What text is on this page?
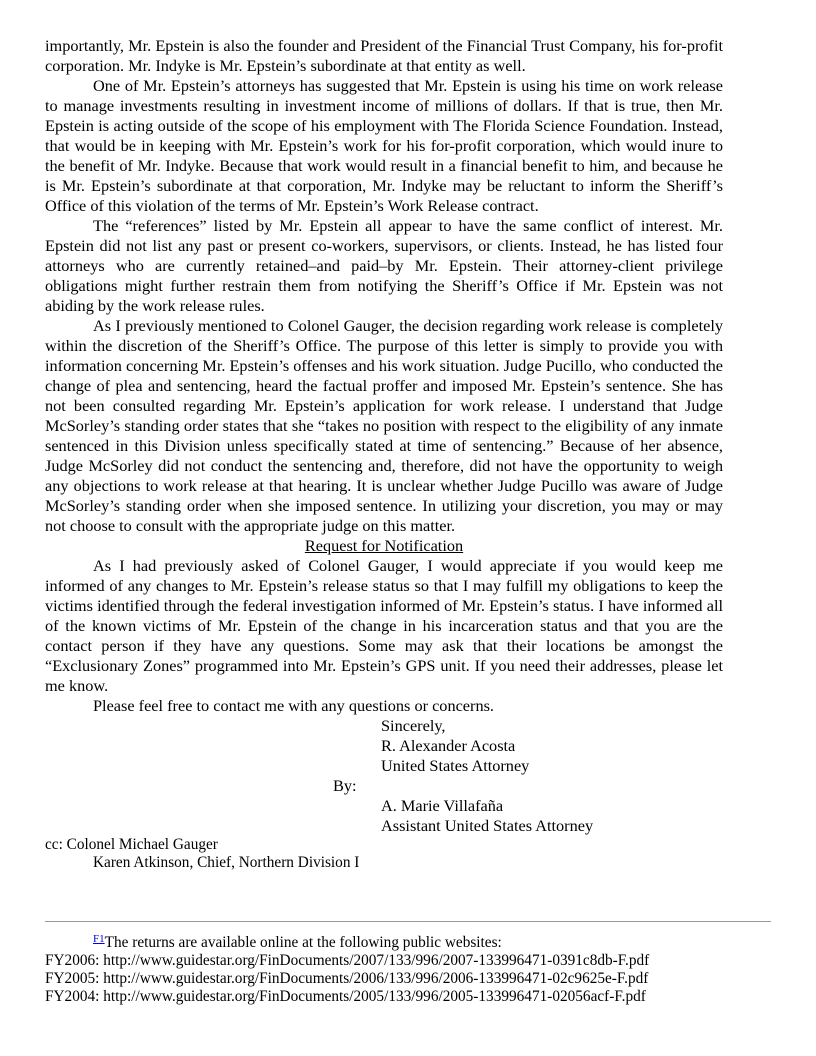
importantly, Mr. Epstein is also the founder and President of the Financial Trust Company, his for-profit corporation. Mr. Indyke is Mr. Epstein’s subordinate at that entity as well.

One of Mr. Epstein’s attorneys has suggested that Mr. Epstein is using his time on work release to manage investments resulting in investment income of millions of dollars. If that is true, then Mr. Epstein is acting outside of the scope of his employment with The Florida Science Foundation. Instead, that would be in keeping with Mr. Epstein’s work for his for-profit corporation, which would inure to the benefit of Mr. Indyke. Because that work would result in a financial benefit to him, and because he is Mr. Epstein’s subordinate at that corporation, Mr. Indyke may be reluctant to inform the Sheriff’s Office of this violation of the terms of Mr. Epstein’s Work Release contract.

The “references” listed by Mr. Epstein all appear to have the same conflict of interest. Mr. Epstein did not list any past or present co-workers, supervisors, or clients. Instead, he has listed four attorneys who are currently retained–and paid–by Mr. Epstein. Their attorney-client privilege obligations might further restrain them from notifying the Sheriff’s Office if Mr. Epstein was not abiding by the work release rules.

As I previously mentioned to Colonel Gauger, the decision regarding work release is completely within the discretion of the Sheriff’s Office. The purpose of this letter is simply to provide you with information concerning Mr. Epstein’s offenses and his work situation. Judge Pucillo, who conducted the change of plea and sentencing, heard the factual proffer and imposed Mr. Epstein’s sentence. She has not been consulted regarding Mr. Epstein’s application for work release. I understand that Judge McSorley’s standing order states that she “takes no position with respect to the eligibility of any inmate sentenced in this Division unless specifically stated at time of sentencing.” Because of her absence, Judge McSorley did not conduct the sentencing and, therefore, did not have the opportunity to weigh any objections to work release at that hearing. It is unclear whether Judge Pucillo was aware of Judge McSorley’s standing order when she imposed sentence. In utilizing your discretion, you may or may not choose to consult with the appropriate judge on this matter.

Request for Notification

As I had previously asked of Colonel Gauger, I would appreciate if you would keep me informed of any changes to Mr. Epstein’s release status so that I may fulfill my obligations to keep the victims identified through the federal investigation informed of Mr. Epstein’s status. I have informed all of the known victims of Mr. Epstein of the change in his incarceration status and that you are the contact person if they have any questions. Some may ask that their locations be amongst the “Exclusionary Zones” programmed into Mr. Epstein’s GPS unit. If you need their addresses, please let me know.

Please feel free to contact me with any questions or concerns.

Sincerely,

R. Alexander Acosta

United States Attorney

By:

A. Marie Villafaña

Assistant United States Attorney

cc: Colonel Michael Gauger

Karen Atkinson, Chief, Northern Division I

$^{F1}$The returns are available online at the following public websites:
FY2006: http://www.guidestar.org/FinDocuments/2007/133/996/2007-133996471-0391c8db-F.pdf
FY2005: http://www.guidestar.org/FinDocuments/2006/133/996/2006-133996471-02c9625e-F.pdf
FY2004: http://www.guidestar.org/FinDocuments/2005/133/996/2005-133996471-02056acf-F.pdf
